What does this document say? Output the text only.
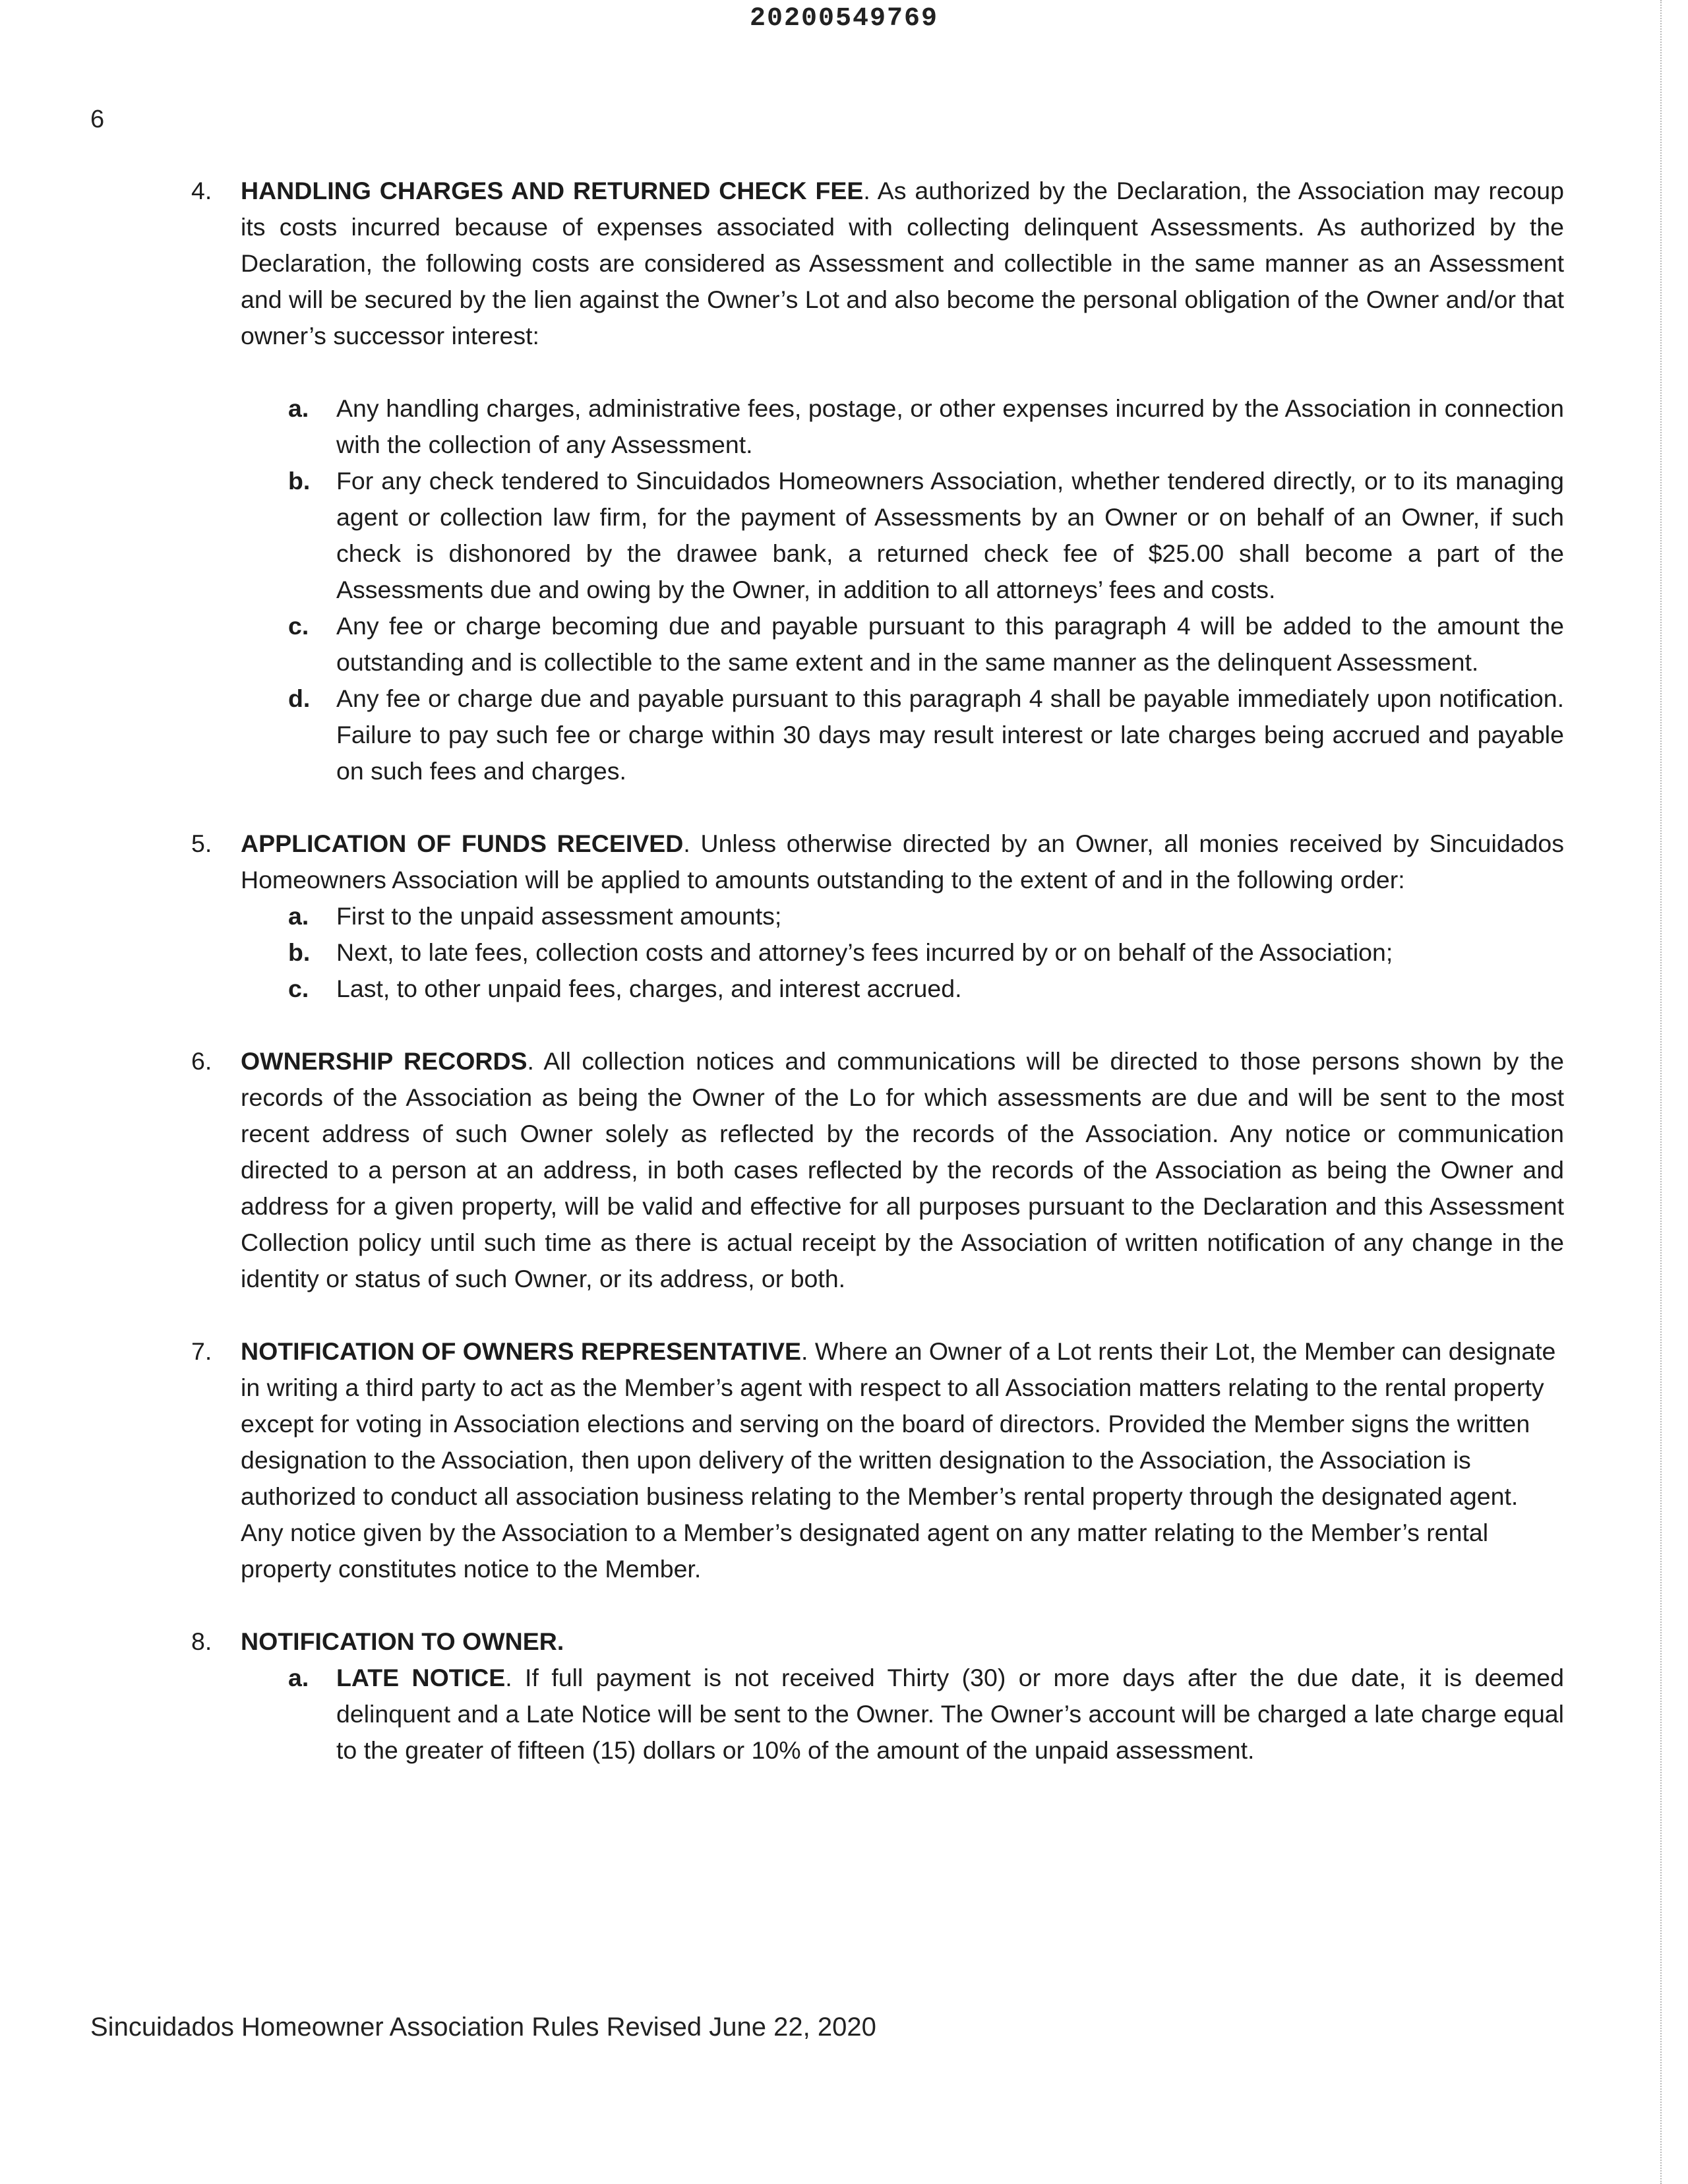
20200549769
6
4. HANDLING CHARGES AND RETURNED CHECK FEE. As authorized by the Declaration, the Association may recoup its costs incurred because of expenses associated with collecting delinquent Assessments. As authorized by the Declaration, the following costs are considered as Assessment and collectible in the same manner as an Assessment and will be secured by the lien against the Owner’s Lot and also become the personal obligation of the Owner and/or that owner’s successor interest:
a. Any handling charges, administrative fees, postage, or other expenses incurred by the Association in connection with the collection of any Assessment.
b. For any check tendered to Sincuidados Homeowners Association, whether tendered directly, or to its managing agent or collection law firm, for the payment of Assessments by an Owner or on behalf of an Owner, if such check is dishonored by the drawee bank, a returned check fee of $25.00 shall become a part of the Assessments due and owing by the Owner, in addition to all attorneys’ fees and costs.
c. Any fee or charge becoming due and payable pursuant to this paragraph 4 will be added to the amount the outstanding and is collectible to the same extent and in the same manner as the delinquent Assessment.
d. Any fee or charge due and payable pursuant to this paragraph 4 shall be payable immediately upon notification. Failure to pay such fee or charge within 30 days may result interest or late charges being accrued and payable on such fees and charges.
5. APPLICATION OF FUNDS RECEIVED. Unless otherwise directed by an Owner, all monies received by Sincuidados Homeowners Association will be applied to amounts outstanding to the extent of and in the following order:
a. First to the unpaid assessment amounts;
b. Next, to late fees, collection costs and attorney’s fees incurred by or on behalf of the Association;
c. Last, to other unpaid fees, charges, and interest accrued.
6. OWNERSHIP RECORDS. All collection notices and communications will be directed to those persons shown by the records of the Association as being the Owner of the Lo for which assessments are due and will be sent to the most recent address of such Owner solely as reflected by the records of the Association. Any notice or communication directed to a person at an address, in both cases reflected by the records of the Association as being the Owner and address for a given property, will be valid and effective for all purposes pursuant to the Declaration and this Assessment Collection policy until such time as there is actual receipt by the Association of written notification of any change in the identity or status of such Owner, or its address, or both.
7. NOTIFICATION OF OWNERS REPRESENTATIVE. Where an Owner of a Lot rents their Lot, the Member can designate in writing a third party to act as the Member’s agent with respect to all Association matters relating to the rental property except for voting in Association elections and serving on the board of directors. Provided the Member signs the written designation to the Association, then upon delivery of the written designation to the Association, the Association is authorized to conduct all association business relating to the Member’s rental property through the designated agent. Any notice given by the Association to a Member’s designated agent on any matter relating to the Member’s rental property constitutes notice to the Member.
8. NOTIFICATION TO OWNER.
a. LATE NOTICE. If full payment is not received Thirty (30) or more days after the due date, it is deemed delinquent and a Late Notice will be sent to the Owner. The Owner’s account will be charged a late charge equal to the greater of fifteen (15) dollars or 10% of the amount of the unpaid assessment.
Sincuidados Homeowner Association Rules Revised June 22, 2020
